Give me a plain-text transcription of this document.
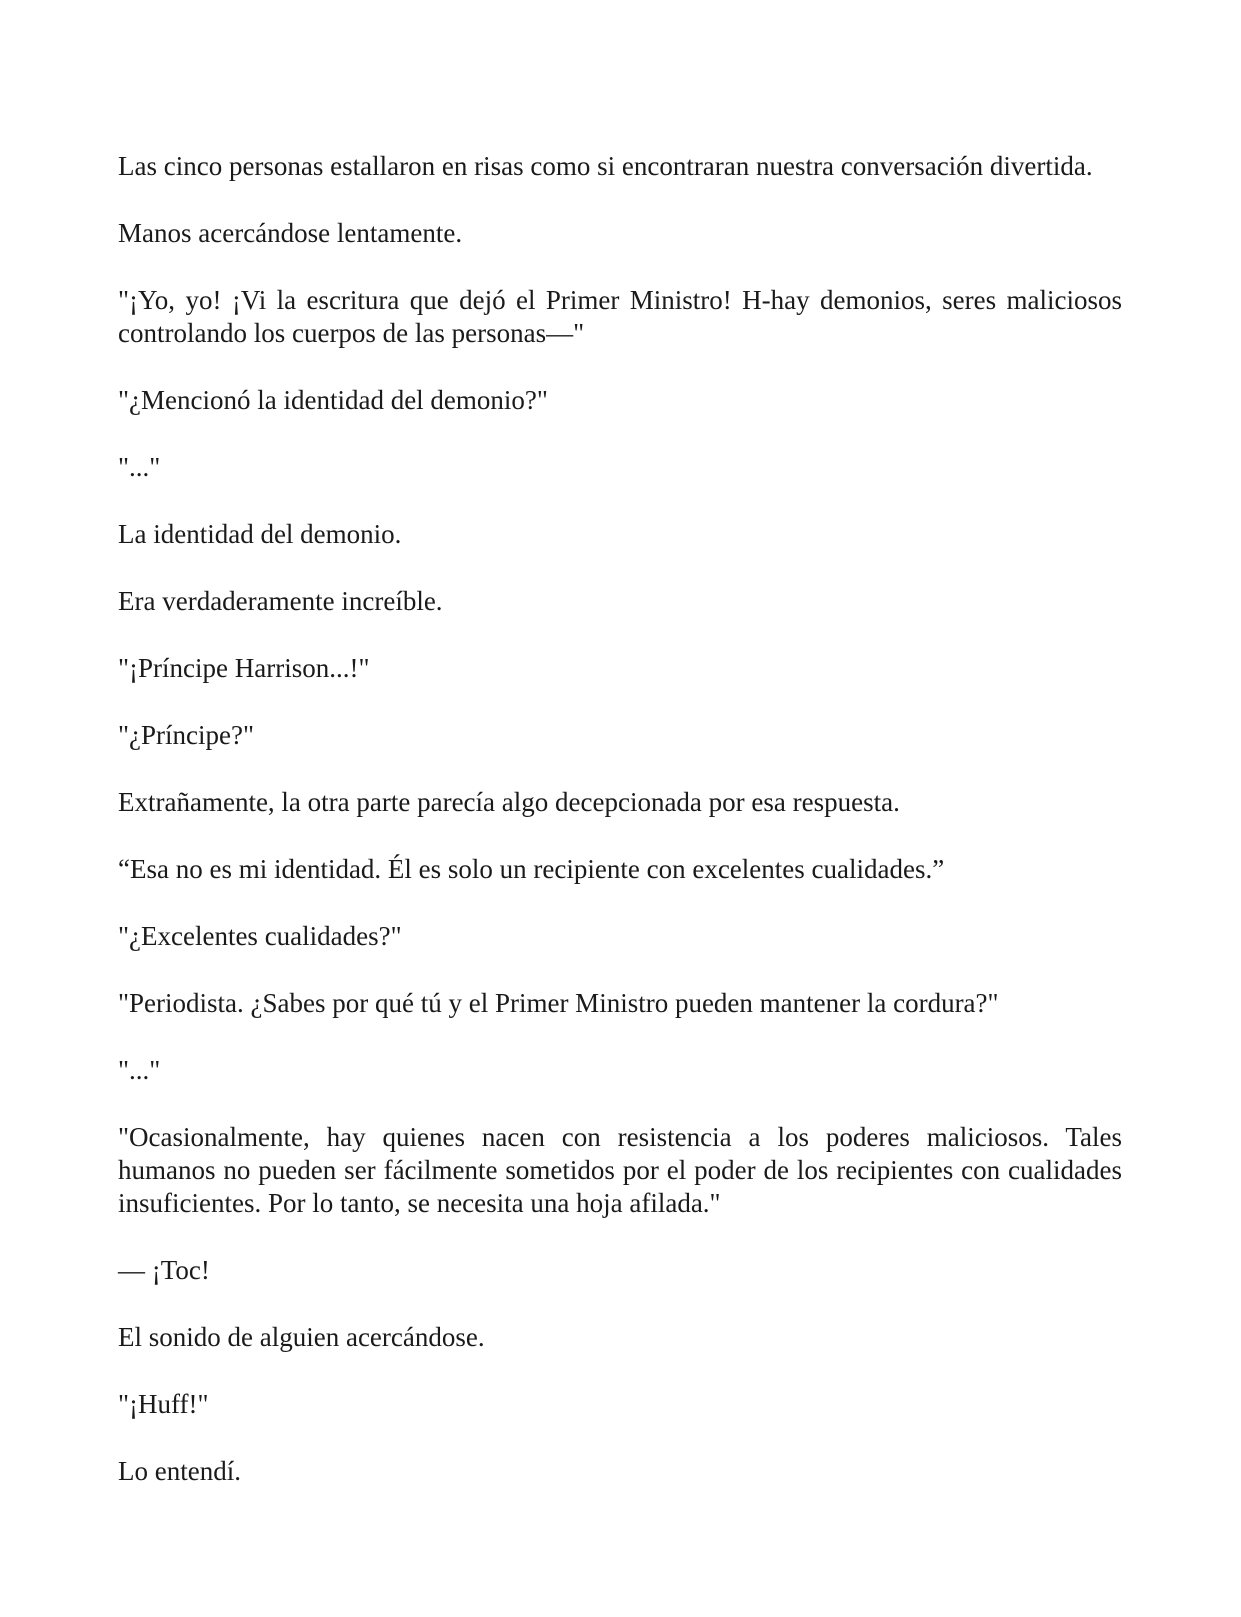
Las cinco personas estallaron en risas como si encontraran nuestra conversación divertida.

Manos acercándose lentamente.

"¡Yo, yo! ¡Vi la escritura que dejó el Primer Ministro! H-hay demonios, seres maliciosos controlando los cuerpos de las personas—"

"¿Mencionó la identidad del demonio?"

"..."

La identidad del demonio.

Era verdaderamente increíble.

"¡Príncipe Harrison...!"

"¿Príncipe?"

Extrañamente, la otra parte parecía algo decepcionada por esa respuesta.

“Esa no es mi identidad. Él es solo un recipiente con excelentes cualidades.”

"¿Excelentes cualidades?"

"Periodista. ¿Sabes por qué tú y el Primer Ministro pueden mantener la cordura?"

"..."

"Ocasionalmente, hay quienes nacen con resistencia a los poderes maliciosos. Tales humanos no pueden ser fácilmente sometidos por el poder de los recipientes con cualidades insuficientes. Por lo tanto, se necesita una hoja afilada."

— ¡Toc!

El sonido de alguien acercándose.

"¡Huff!"

Lo entendí.
